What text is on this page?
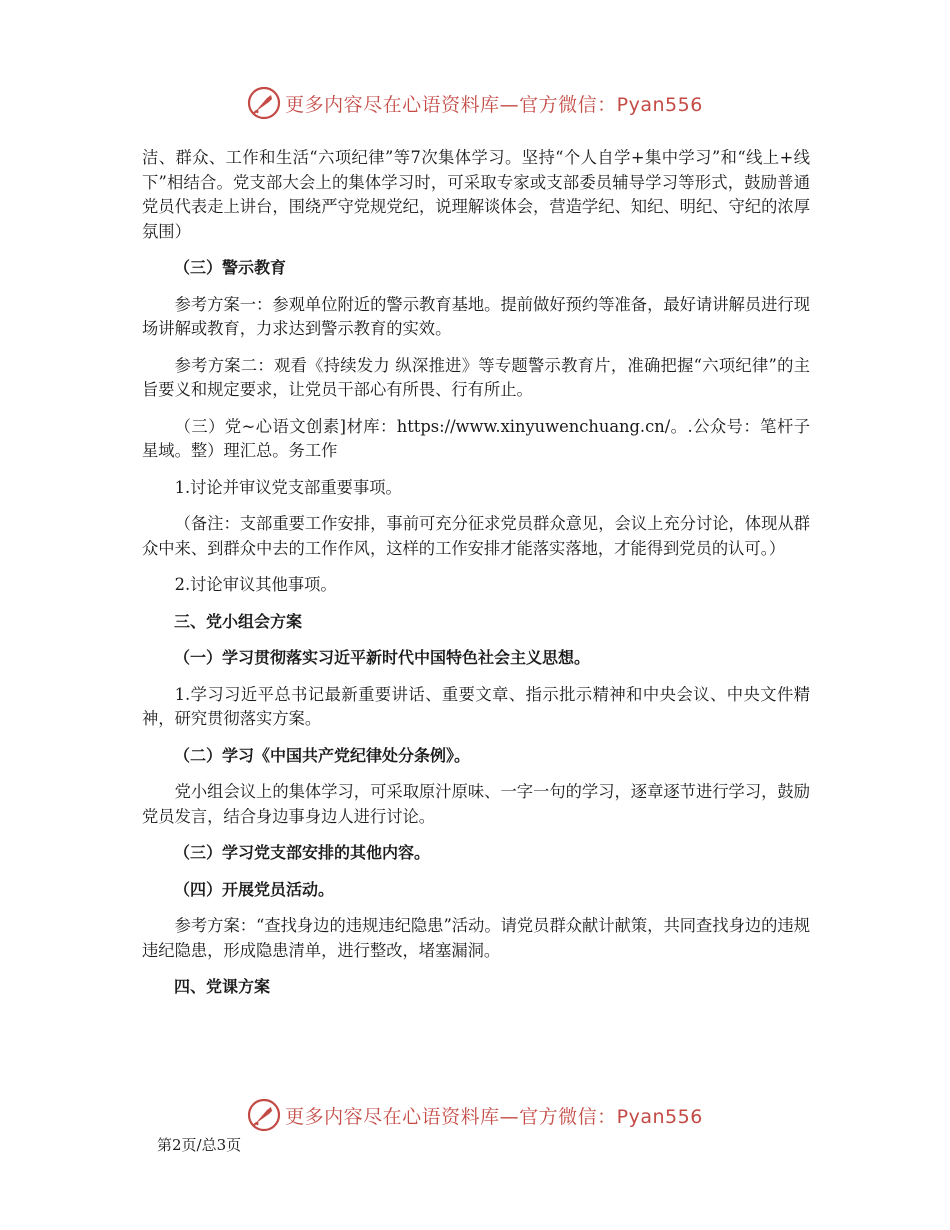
更多内容尽在心语资料库—官方微信：Pyan556

洁、群众、工作和生活“六项纪律”等7次集体学习。坚持“个人自学+集中学习”和“线上+线下”相结合。党支部大会上的集体学习时，可采取专家或支部委员辅导学习等形式，鼓励普通党员代表走上讲台，围绕严守党规党纪，说理解谈体会，营造学纪、知纪、明纪、守纪的浓厚氛围）

（三）警示教育

参考方案一：参观单位附近的警示教育基地。提前做好预约等准备，最好请讲解员进行现场讲解或教育，力求达到警示教育的实效。

参考方案二：观看《持续发力 纵深推进》等专题警示教育片，准确把握“六项纪律”的主旨要义和规定要求，让党员干部心有所畏、行有所止。

（三）党~心语文创素]材库：https://www.xinyuwenchuang.cn/。.公众号：笔杆子星域。整）理汇总。务工作

1.讨论并审议党支部重要事项。

（备注：支部重要工作安排，事前可充分征求党员群众意见，会议上充分讨论，体现从群众中来、到群众中去的工作作风，这样的工作安排才能落实落地，才能得到党员的认可。）

2.讨论审议其他事项。

三、党小组会方案

（一）学习贯彻落实习近平新时代中国特色社会主义思想。

1.学习习近平总书记最新重要讲话、重要文章、指示批示精神和中央会议、中央文件精神，研究贯彻落实方案。

（二）学习《中国共产党纪律处分条例》。

党小组会议上的集体学习，可采取原汁原味、一字一句的学习，逐章逐节进行学习，鼓励党员发言，结合身边事身边人进行讨论。

（三）学习党支部安排的其他内容。

（四）开展党员活动。

参考方案：“查找身边的违规违纪隐患”活动。请党员群众献计献策，共同查找身边的违规违纪隐患，形成隐患清单，进行整改，堵塞漏洞。

四、党课方案

更多内容尽在心语资料库—官方微信：Pyan556
第2页/总3页
